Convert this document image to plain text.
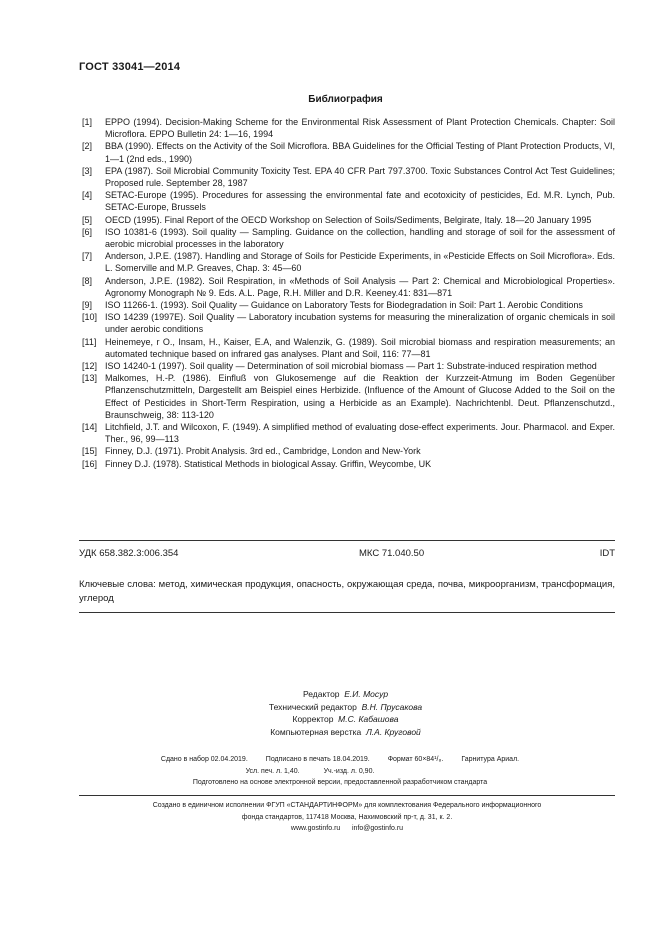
ГОСТ 33041—2014
Библиография
[1]	EPPO (1994). Decision-Making Scheme for the Environmental Risk Assessment of Plant Protection Chemicals. Chapter: Soil Microflora. EPPO Bulletin 24: 1—16, 1994
[2]	BBA (1990). Effects on the Activity of the Soil Microflora. BBA Guidelines for the Official Testing of Plant Protection Products, VI, 1—1 (2nd eds., 1990)
[3]	EPA (1987). Soil Microbial Community Toxicity Test. EPA 40 CFR Part 797.3700. Toxic Substances Control Act Test Guidelines; Proposed rule. September 28, 1987
[4]	SETAC-Europe (1995). Procedures for assessing the environmental fate and ecotoxicity of pesticides, Ed. M.R. Lynch, Pub. SETAC-Europe, Brussels
[5]	OECD (1995). Final Report of the OECD Workshop on Selection of Soils/Sediments, Belgirate, Italy. 18—20 January 1995
[6]	ISO 10381-6 (1993). Soil quality — Sampling. Guidance on the collection, handling and storage of soil for the assessment of aerobic microbial processes in the laboratory
[7]	Anderson, J.P.E. (1987). Handling and Storage of Soils for Pesticide Experiments, in «Pesticide Effects on Soil Microflora». Eds. L. Somerville and M.P. Greaves, Chap. 3: 45—60
[8]	Anderson, J.P.E. (1982). Soil Respiration, in «Methods of Soil Analysis — Part 2: Chemical and Microbiological Properties». Agronomy Monograph № 9. Eds. A.L. Page, R.H. Miller and D.R. Keeney.41: 831—871
[9]	ISO 11266-1. (1993). Soil Quality — Guidance on Laboratory Tests for Biodegradation in Soil: Part 1. Aerobic Conditions
[10] ISO 14239 (1997E). Soil Quality — Laboratory incubation systems for measuring the mineralization of organic chemicals in soil under aerobic conditions
[11] Heinemeye, r O., Insam, H., Kaiser, E.A, and Walenzik, G. (1989). Soil microbial biomass and respiration measurements; an automated technique based on infrared gas analyses. Plant and Soil, 116: 77—81
[12] ISO 14240-1 (1997). Soil quality — Determination of soil microbial biomass — Part 1: Substrate-induced respiration method
[13] Malkomes, H.-P. (1986). Einfluß von Glukosemenge auf die Reaktion der Kurzzeit-Atmung im Boden Gegenüber Pflanzenschutzmitteln, Dargestellt am Beispiel eines Herbizide. (Influence of the Amount of Glucose Added to the Soil on the Effect of Pesticides in Short-Term Respiration, using a Herbicide as an Example). Nachrichtenbl. Deut. Pflanzenschutzd., Braunschweig, 38: 113-120
[14] Litchfield, J.T. and Wilcoxon, F. (1949). A simplified method of evaluating dose-effect experiments. Jour. Pharmacol. and Exper. Ther., 96, 99—113
[15] Finney, D.J. (1971). Probit Analysis. 3rd ed., Cambridge, London and New-York
[16] Finney D.J. (1978). Statistical Methods in biological Assay. Griffin, Weycombe, UK
УДК 658.382.3:006.354	МКС 71.040.50	IDT
Ключевые слова: метод, химическая продукция, опасность, окружающая среда, почва, микроорганизм, трансформация, углерод
Редактор Е.И. Мосур
Технический редактор В.Н. Прусакова
Корректор М.С. Кабашова
Компьютерная верстка Л.А. Круговой
Сдано в набор 02.04.2019.	Подписано в печать 18.04.2019.	Формат 60×84¹/₈.	Гарнитура Ариал.
Усл. печ. л. 1,40.	Уч.-изд. л. 0,90.
Подготовлено на основе электронной версии, предоставленной разработчиком стандарта
Создано в единичном исполнении ФГУП «СТАНДАРТИНФОРМ» для комплектования Федерального информационного
фонда стандартов, 117418 Москва, Нахимовский пр-т, д. 31, к. 2.
www.gostinfo.ru info@gostinfo.ru
